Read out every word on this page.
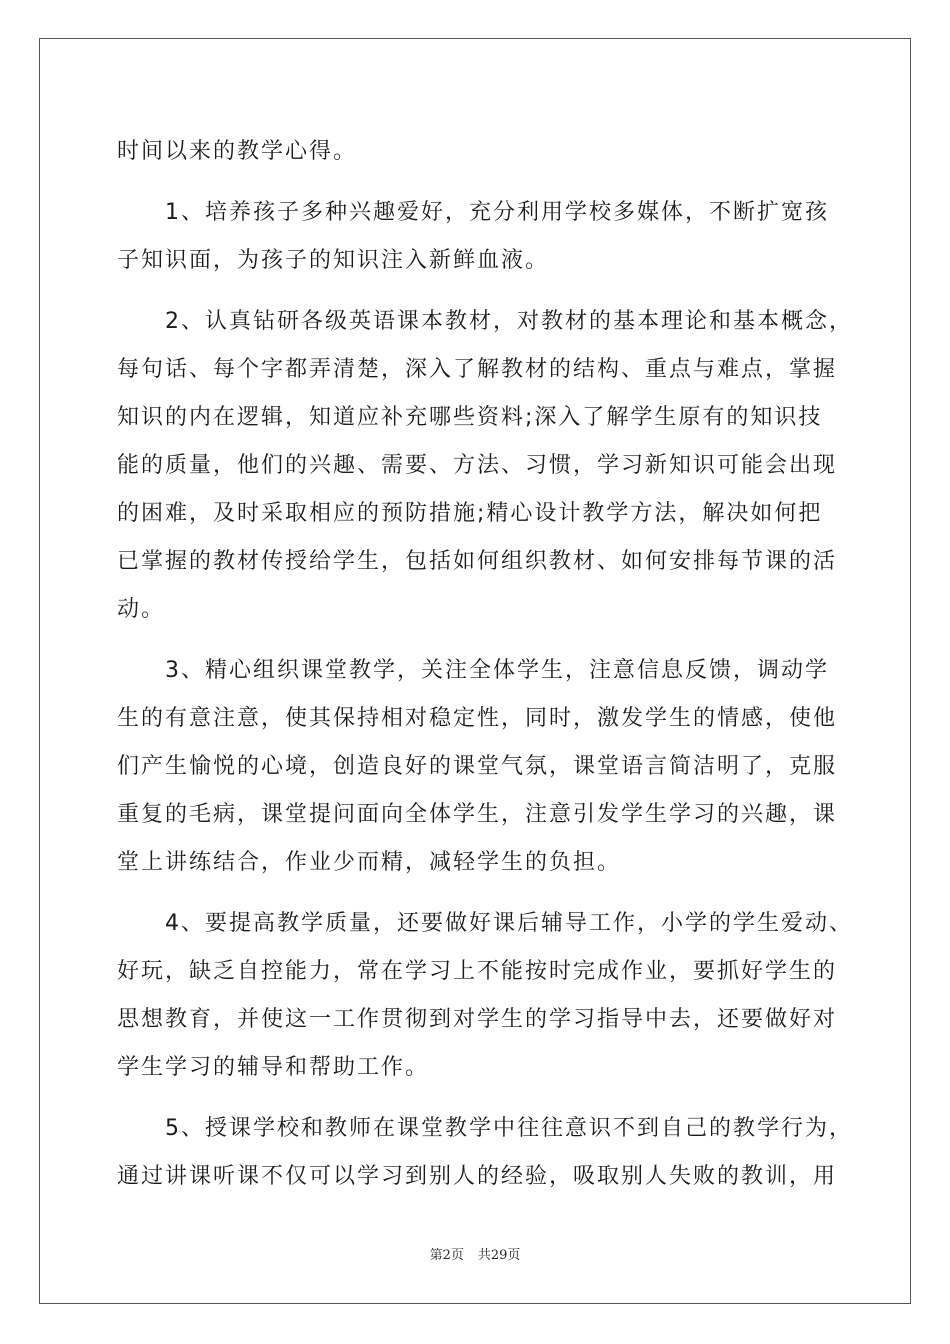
时间以来的教学心得。
1、培养孩子多种兴趣爱好，充分利用学校多媒体，不断扩宽孩
子知识面，为孩子的知识注入新鲜血液。
2、认真钻研各级英语课本教材，对教材的基本理论和基本概念，
每句话、每个字都弄清楚，深入了解教材的结构、重点与难点，掌握
知识的内在逻辑，知道应补充哪些资料;深入了解学生原有的知识技
能的质量，他们的兴趣、需要、方法、习惯，学习新知识可能会出现
的困难，及时采取相应的预防措施;精心设计教学方法，解决如何把
已掌握的教材传授给学生，包括如何组织教材、如何安排每节课的活
动。
3、精心组织课堂教学，关注全体学生，注意信息反馈，调动学
生的有意注意，使其保持相对稳定性，同时，激发学生的情感，使他
们产生愉悦的心境，创造良好的课堂气氛，课堂语言简洁明了，克服
重复的毛病，课堂提问面向全体学生，注意引发学生学习的兴趣，课
堂上讲练结合，作业少而精，减轻学生的负担。
4、要提高教学质量，还要做好课后辅导工作，小学的学生爱动、
好玩，缺乏自控能力，常在学习上不能按时完成作业，要抓好学生的
思想教育，并使这一工作贯彻到对学生的学习指导中去，还要做好对
学生学习的辅导和帮助工作。
5、授课学校和教师在课堂教学中往往意识不到自己的教学行为，
通过讲课听课不仅可以学习到别人的经验，吸取别人失败的教训，用
第2页 共29页
